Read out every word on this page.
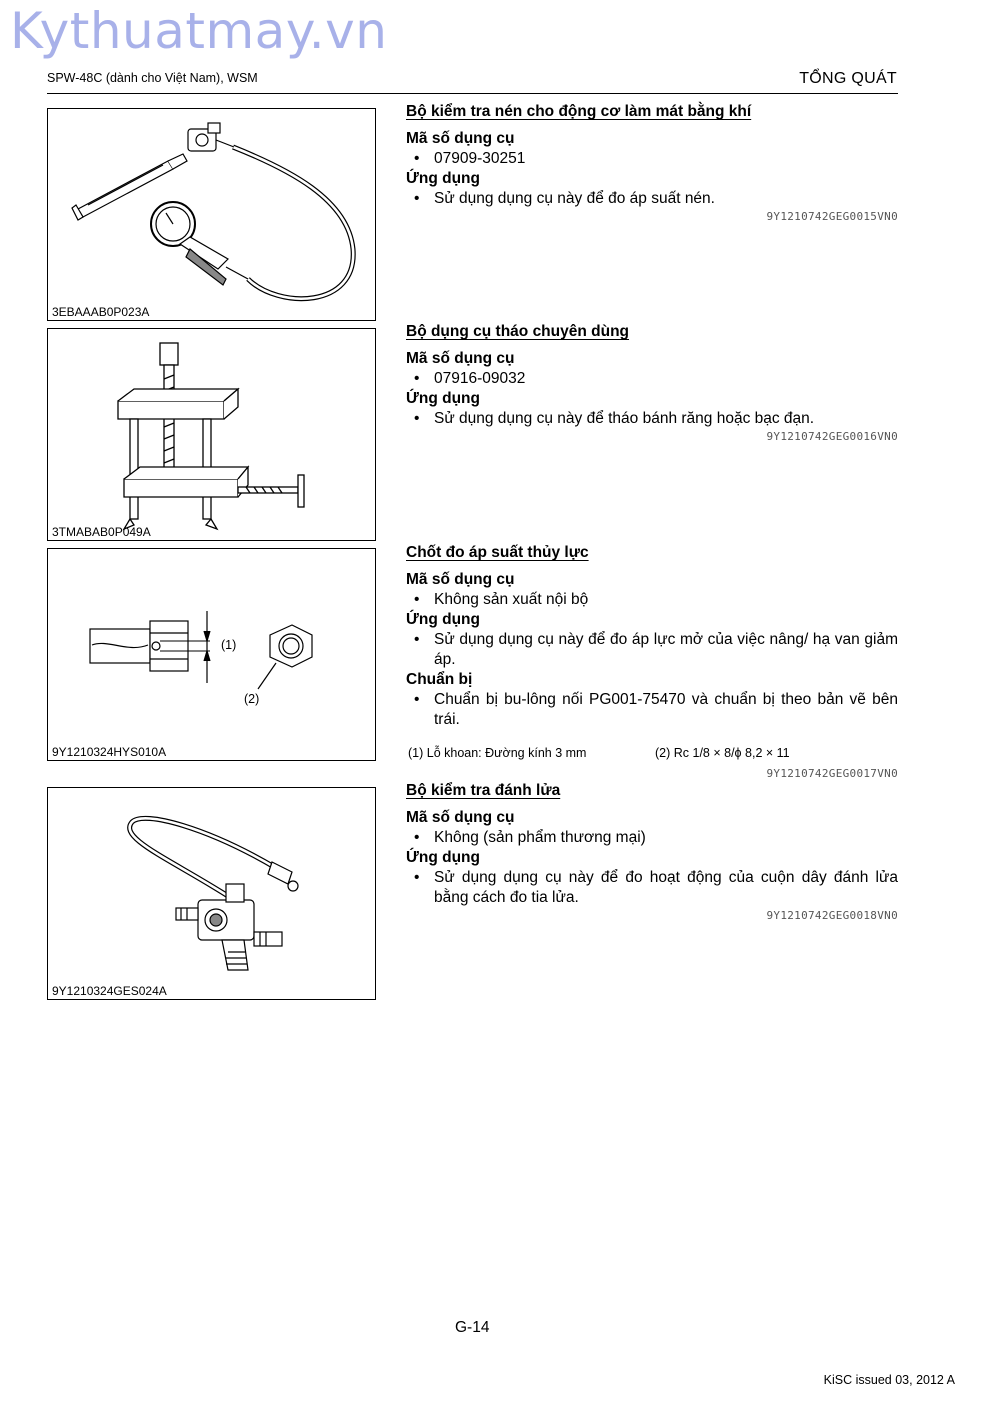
Kythuatmay.vn
SPW-48C (dành cho Việt Nam), WSM	TỔNG QUÁT
3EBAAAB0P023A
3TMABAB0P049A
(1)
(2)
9Y1210324HYS010A
9Y1210324GES024A
Bộ kiểm tra nén cho động cơ làm mát bằng khí
Mã số dụng cụ
• 07909-30251
Ứng dụng
• Sử dụng dụng cụ này để đo áp suất nén.
9Y1210742GEG0015VN0
Bộ dụng cụ tháo chuyên dùng
Mã số dụng cụ
• 07916-09032
Ứng dụng
• Sử dụng dụng cụ này để tháo bánh răng hoặc bạc đạn.
9Y1210742GEG0016VN0
Chốt đo áp suất thủy lực
Mã số dụng cụ
• Không sản xuất nội bộ
Ứng dụng
• Sử dụng dụng cụ này để đo áp lực mở của việc nâng/ hạ van giảm áp.
Chuẩn bị
• Chuẩn bị bu-lông nối PG001-75470 và chuẩn bị theo bản vẽ bên trái.
(1) Lỗ khoan: Đường kính 3 mm	(2) Rc 1/8 × 8/ϕ 8,2 × 11
9Y1210742GEG0017VN0
Bộ kiểm tra đánh lửa
Mã số dụng cụ
• Không (sản phẩm thương mại)
Ứng dụng
• Sử dụng dụng cụ này để đo hoạt động của cuộn dây đánh lửa bằng cách đo tia lửa.
9Y1210742GEG0018VN0
G-14
KiSC issued 03, 2012 A
